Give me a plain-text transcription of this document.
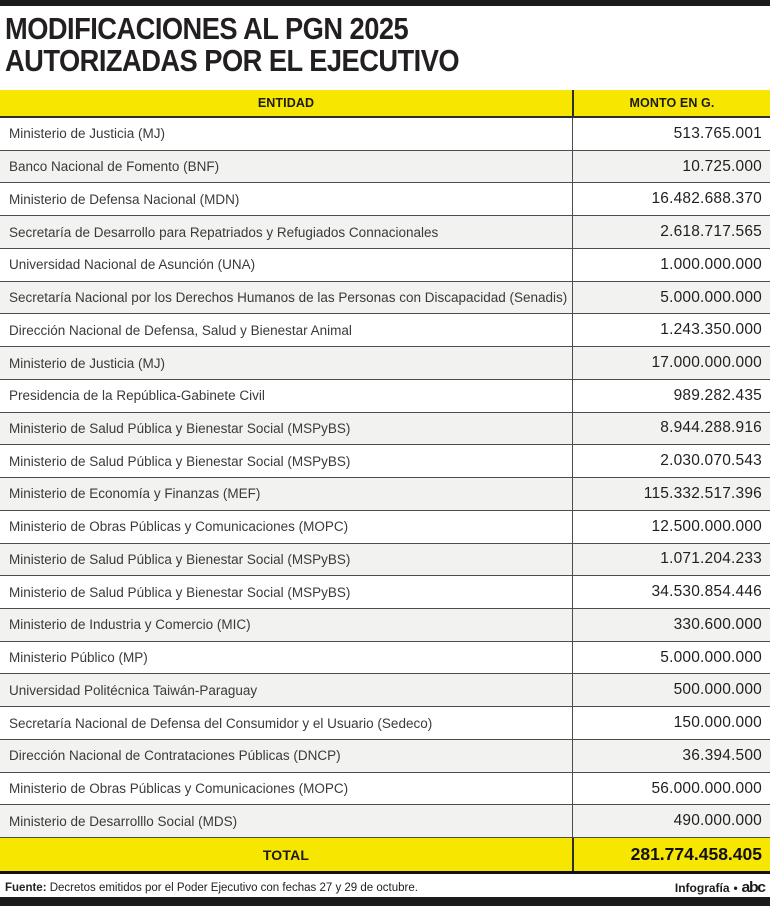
MODIFICACIONES AL PGN 2025
AUTORIZADAS POR EL EJECUTIVO
ENTIDAD	MONTO EN G.
Ministerio de Justicia (MJ)	513.765.001
Banco Nacional de Fomento (BNF)	10.725.000
Ministerio de Defensa Nacional (MDN)	16.482.688.370
Secretaría de Desarrollo para Repatriados y Refugiados Connacionales	2.618.717.565
Universidad Nacional de Asunción (UNA)	1.000.000.000
Secretaría Nacional por los Derechos Humanos de las Personas con Discapacidad (Senadis)	5.000.000.000
Dirección Nacional de Defensa, Salud y Bienestar Animal	1.243.350.000
Ministerio de Justicia (MJ)	17.000.000.000
Presidencia de la República-Gabinete Civil	989.282.435
Ministerio de Salud Pública y Bienestar Social (MSPyBS)	8.944.288.916
Ministerio de Salud Pública y Bienestar Social (MSPyBS)	2.030.070.543
Ministerio de Economía y Finanzas (MEF)	115.332.517.396
Ministerio de Obras Públicas y Comunicaciones (MOPC)	12.500.000.000
Ministerio de Salud Pública y Bienestar Social (MSPyBS)	1.071.204.233
Ministerio de Salud Pública y Bienestar Social (MSPyBS)	34.530.854.446
Ministerio de Industria y Comercio (MIC)	330.600.000
Ministerio Público (MP)	5.000.000.000
Universidad Politécnica Taiwán-Paraguay	500.000.000
Secretaría Nacional de Defensa del Consumidor y el Usuario (Sedeco)	150.000.000
Dirección Nacional de Contrataciones Públicas (DNCP)	36.394.500
Ministerio de Obras Públicas y Comunicaciones (MOPC)	56.000.000.000
Ministerio de Desarrolllo Social (MDS)	490.000.000
TOTAL	281.774.458.405
Fuente: Decretos emitidos por el Poder Ejecutivo con fechas 27 y 29 de octubre.	Infografía • abc
